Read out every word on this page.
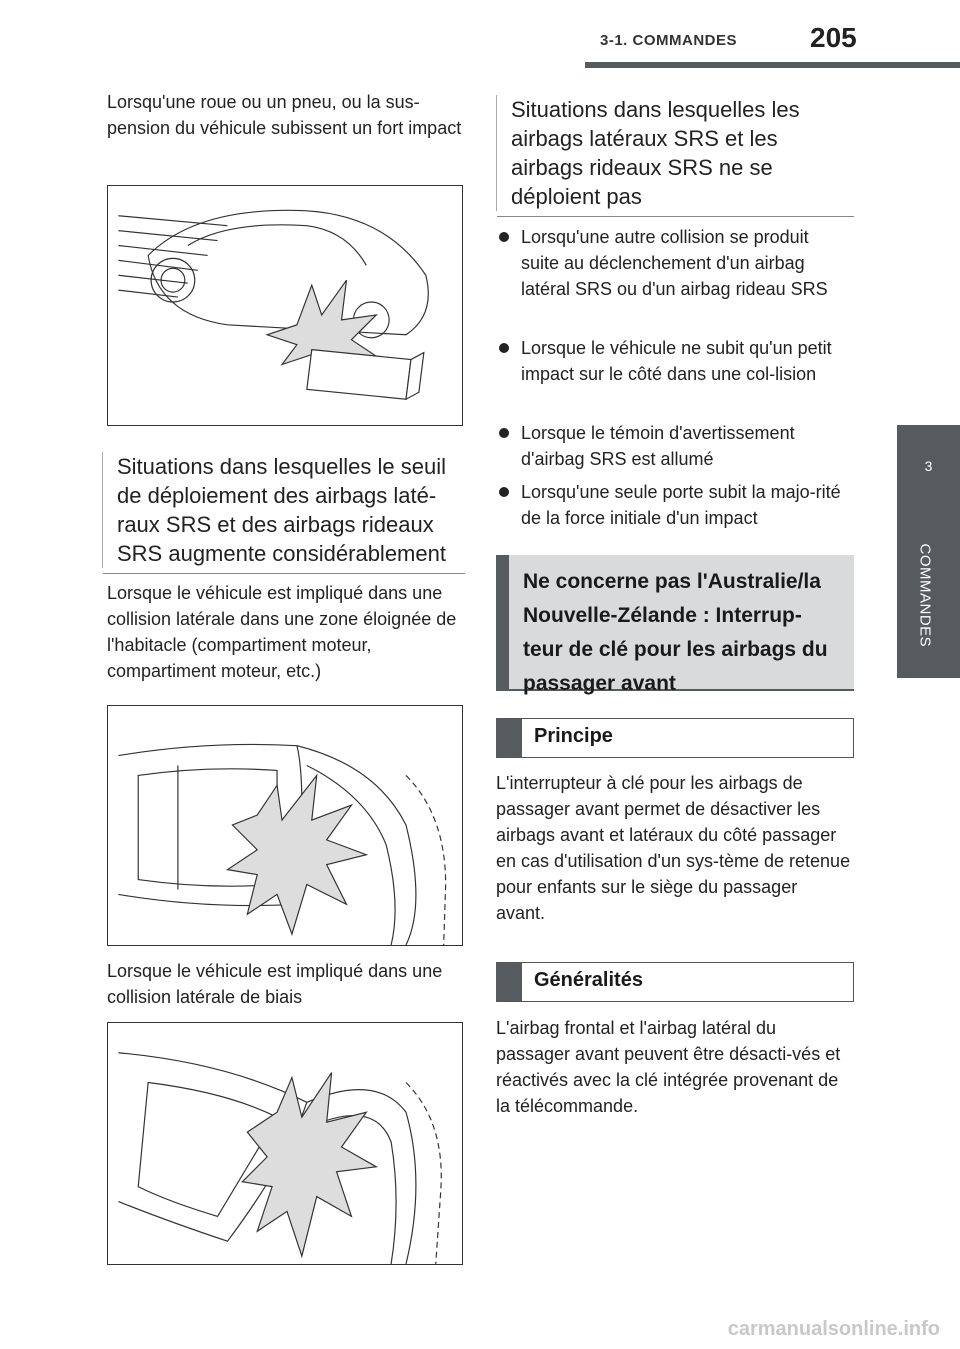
3-1. COMMANDES	205
3
COMMANDES
Lorsqu'une roue ou un pneu, ou la sus-pension du véhicule subissent un fort impact
Situations dans lesquelles le seuil de déploiement des airbags laté-raux SRS et des airbags rideaux SRS augmente considérablement
Lorsque le véhicule est impliqué dans une collision latérale dans une zone éloignée de l'habitacle (compartiment moteur, compartiment moteur, etc.)
Lorsque le véhicule est impliqué dans une collision latérale de biais
Situations dans lesquelles les airbags latéraux SRS et les airbags rideaux SRS ne se déploient pas
Lorsqu'une autre collision se produit suite au déclenchement d'un airbag latéral SRS ou d'un airbag rideau SRS
Lorsque le véhicule ne subit qu'un petit impact sur le côté dans une col-lision
Lorsque le témoin d'avertissement d'airbag SRS est allumé
Lorsqu'une seule porte subit la majo-rité de la force initiale d'un impact
Ne concerne pas l'Australie/la Nouvelle-Zélande : Interrup-teur de clé pour les airbags du passager avant
Principe
L'interrupteur à clé pour les airbags de passager avant permet de désactiver les airbags avant et latéraux du côté passager en cas d'utilisation d'un sys-tème de retenue pour enfants sur le siège du passager avant.
Généralités
L'airbag frontal et l'airbag latéral du passager avant peuvent être désacti-vés et réactivés avec la clé intégrée provenant de la télécommande.
carmanualsonline.info
